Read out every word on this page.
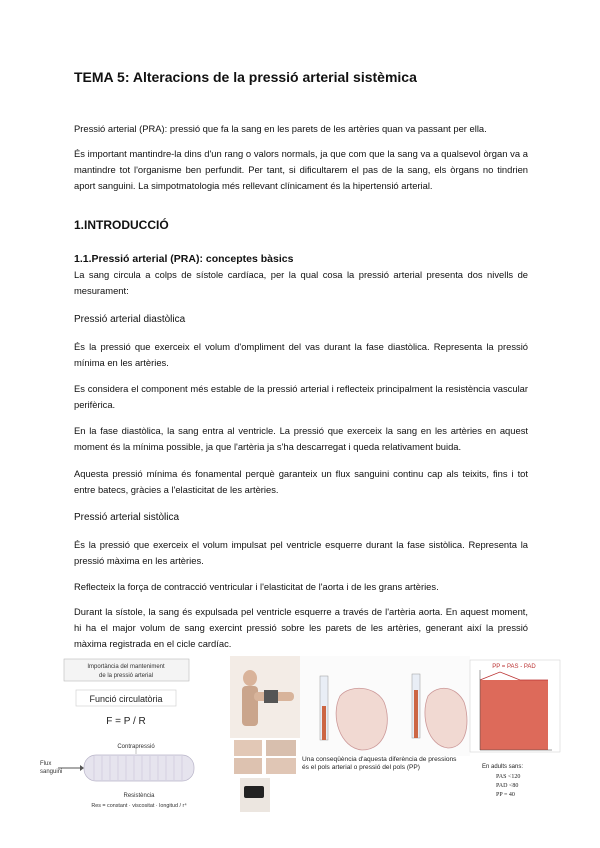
TEMA 5: Alteracions de la pressió arterial sistèmica

Pressió arterial (PRA): pressió que fa la sang en les parets de les artèries quan va passant per ella.

És important mantindre-la dins d'un rang o valors normals, ja que com que la sang va a qualsevol òrgan va a mantindre tot l'organisme ben perfundit. Per tant, si dificultarem el pas de la sang, els òrgans no tindrien aport sanguini. La simpotmatologia més rellevant clínicament és la hipertensió arterial.

1.INTRODUCCIÓ
1.1.Pressió arterial (PRA): conceptes bàsics

La sang circula a colps de sístole cardíaca, per la qual cosa la pressió arterial presenta dos nivells de mesurament:

Pressió arterial diastòlica

És la pressió que exerceix el volum d'ompliment del vas durant la fase diastòlica. Representa la pressió mínima en les artèries.

Es considera el component més estable de la pressió arterial i reflecteix principalment la resistència vascular perifèrica.

En la fase diastòlica, la sang entra al ventricle. La pressió que exerceix la sang en les artèries en aquest moment és la mínima possible, ja que l'artèria ja s'ha descarregat i queda relativament buida.

Aquesta pressió mínima és fonamental perquè garanteix un flux sanguini continu cap als teixits, fins i tot entre batecs, gràcies a l'elasticitat de les artèries.

Pressió arterial sistòlica

És la pressió que exerceix el volum impulsat pel ventricle esquerre durant la fase sistòlica. Representa la pressió màxima en les artèries.

Reflecteix la força de contracció ventricular i l'elasticitat de l'aorta i de les grans artèries.

Durant la sístole, la sang és expulsada pel ventricle esquerre a través de l'artèria aorta. En aquest moment, hi ha el major volum de sang exercint pressió sobre les parets de les artèries, generant així la pressió màxima registrada en el cicle cardíac.

Importància del manteniment
de la pressió arterial
Funció circulatòria
F = P / R
Contrapressió
Flux
sanguini
Resistència
Res = constant · viscositat · longitud / r⁴
Una conseqüència d'aquesta diferència de pressions és el pols arterial o pressió del pols (PP)
PP = PAS - PAD
En adults sans:
PAS <120
PAD <80
PP = 40
